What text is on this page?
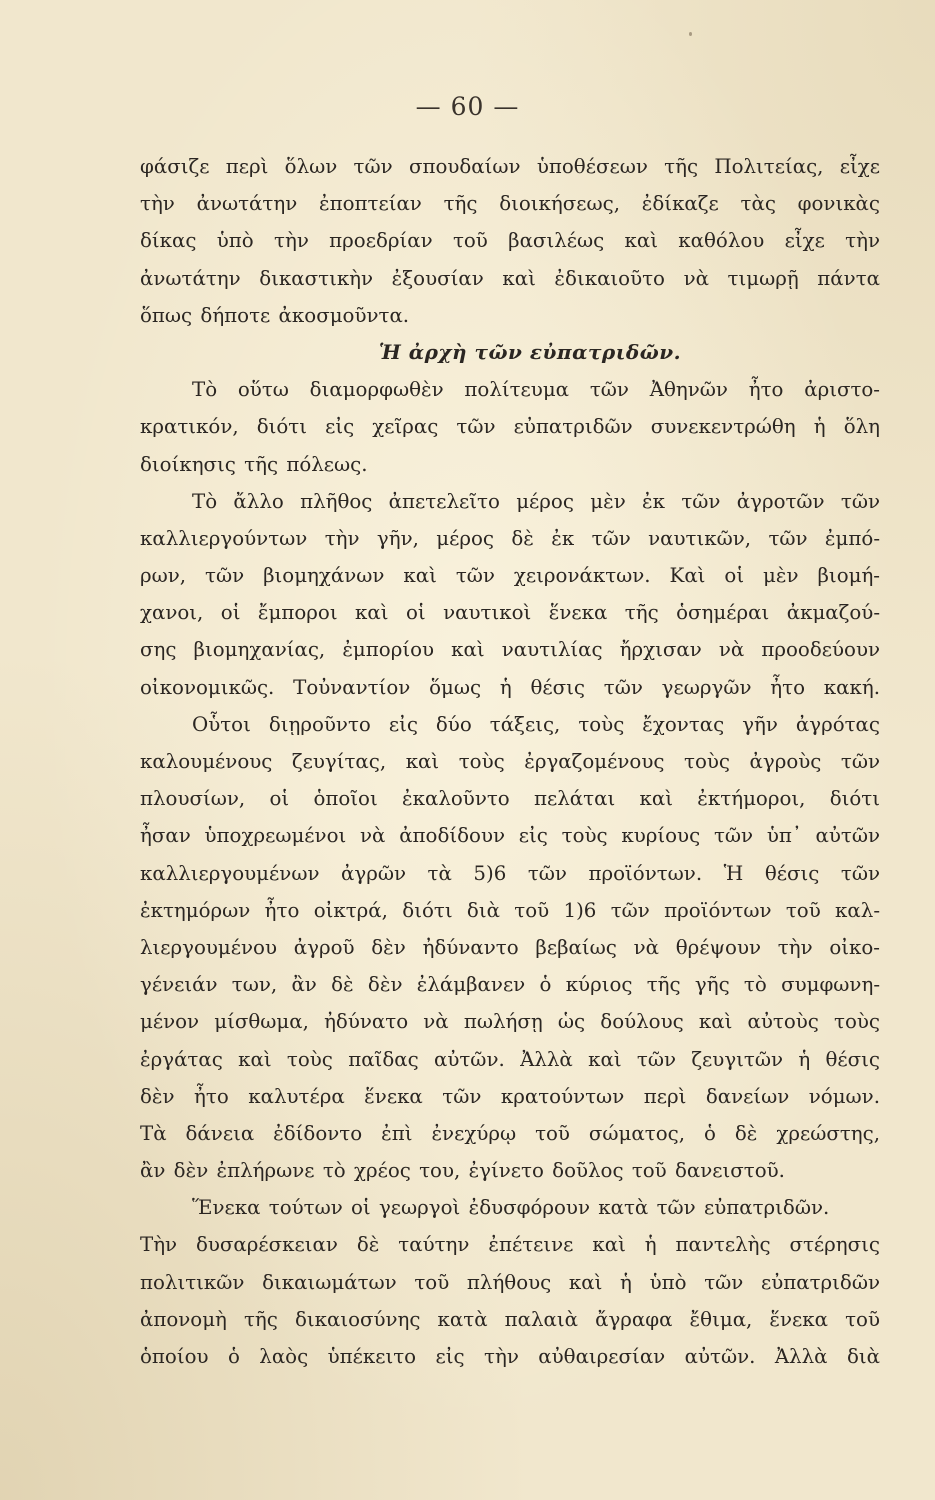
— 60 —
φάσιζε περὶ ὅλων τῶν σπουδαίων ὑποθέσεων τῆς Πολιτείας, εἶχε
τὴν ἀνωτάτην ἐποπτείαν τῆς διοικήσεως, ἐδίκαζε τὰς φονικὰς
δίκας ὑπὸ τὴν προεδρίαν τοῦ βασιλέως καὶ καθόλου εἶχε τὴν
ἀνωτάτην δικαστικὴν ἐξουσίαν καὶ ἐδικαιοῦτο νὰ τιμωρῇ πάντα
ὅπως δήποτε ἀκοσμοῦντα.
Ἡ ἀρχὴ τῶν εὐπατριδῶν.
Τὸ οὕτω διαμορφωθὲν πολίτευμα τῶν Ἀθηνῶν ἦτο ἀριστο-
κρατικόν, διότι εἰς χεῖρας τῶν εὐπατριδῶν συνεκεντρώθη ἡ ὅλη
διοίκησις τῆς πόλεως.
Τὸ ἄλλο πλῆθος ἀπετελεῖτο μέρος μὲν ἐκ τῶν ἀγροτῶν τῶν
καλλιεργούντων τὴν γῆν, μέρος δὲ ἐκ τῶν ναυτικῶν, τῶν ἐμπό-
ρων, τῶν βιομηχάνων καὶ τῶν χειρονάκτων. Καὶ οἱ μὲν βιομή-
χανοι, οἱ ἔμποροι καὶ οἱ ναυτικοὶ ἕνεκα τῆς ὁσημέραι ἀκμαζού-
σης βιομηχανίας, ἐμπορίου καὶ ναυτιλίας ἤρχισαν νὰ προοδεύουν
οἰκονομικῶς. Τοὐναντίον ὅμως ἡ θέσις τῶν γεωργῶν ἦτο κακή.
Οὗτοι διῃροῦντο εἰς δύο τάξεις, τοὺς ἔχοντας γῆν ἀγρότας
καλουμένους ζευγίτας, καὶ τοὺς ἐργαζομένους τοὺς ἀγροὺς τῶν
πλουσίων, οἱ ὁποῖοι ἐκαλοῦντο πελάται καὶ ἐκτήμοροι, διότι
ἦσαν ὑποχρεωμένοι νὰ ἀποδίδουν εἰς τοὺς κυρίους τῶν ὑπ᾽ αὐτῶν
καλλιεργουμένων ἀγρῶν τὰ 5)6 τῶν προϊόντων. Ἡ θέσις τῶν
ἐκτημόρων ἦτο οἰκτρά, διότι διὰ τοῦ 1)6 τῶν προϊόντων τοῦ καλ-
λιεργουμένου ἀγροῦ δὲν ἠδύναντο βεβαίως νὰ θρέψουν τὴν οἰκο-
γένειάν των, ἂν δὲ δὲν ἐλάμβανεν ὁ κύριος τῆς γῆς τὸ συμφωνη-
μένον μίσθωμα, ἠδύνατο νὰ πωλήσῃ ὡς δούλους καὶ αὐτοὺς τοὺς
ἐργάτας καὶ τοὺς παῖδας αὐτῶν. Ἀλλὰ καὶ τῶν ζευγιτῶν ἡ θέσις
δὲν ἦτο καλυτέρα ἕνεκα τῶν κρατούντων περὶ δανείων νόμων.
Τὰ δάνεια ἐδίδοντο ἐπὶ ἐνεχύρῳ τοῦ σώματος, ὁ δὲ χρεώστης,
ἂν δὲν ἐπλήρωνε τὸ χρέος του, ἐγίνετο δοῦλος τοῦ δανειστοῦ.
Ἕνεκα τούτων οἱ γεωργοὶ ἐδυσφόρουν κατὰ τῶν εὐπατριδῶν.
Τὴν δυσαρέσκειαν δὲ ταύτην ἐπέτεινε καὶ ἡ παντελὴς στέρησις
πολιτικῶν δικαιωμάτων τοῦ πλήθους καὶ ἡ ὑπὸ τῶν εὐπατριδῶν
ἀπονομὴ τῆς δικαιοσύνης κατὰ παλαιὰ ἄγραφα ἔθιμα, ἕνεκα τοῦ
ὁποίου ὁ λαὸς ὑπέκειτο εἰς τὴν αὐθαιρεσίαν αὐτῶν. Ἀλλὰ διὰ
